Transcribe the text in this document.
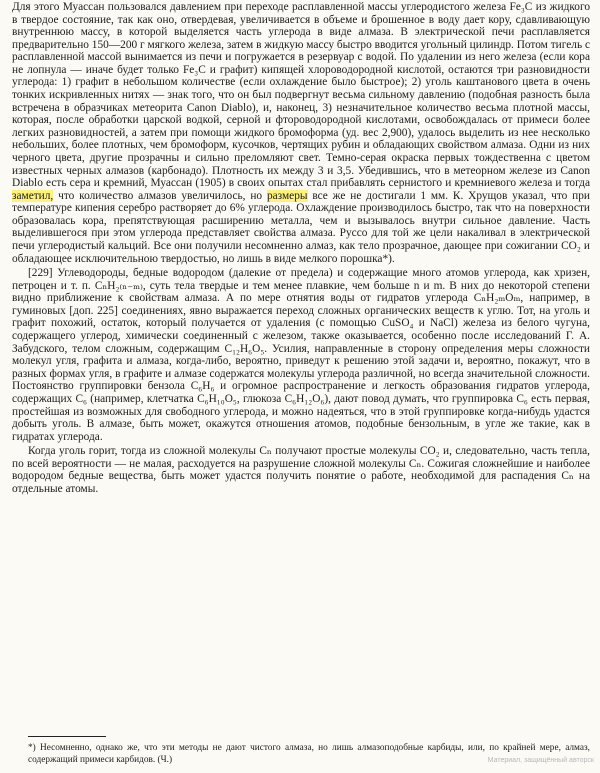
Для этого Муассан пользовался давлением при переходе расплавленной массы углеродистого железа Fe₃C из жидкого в твердое состояние, так как оно, отвердевая, увеличивается в объеме и брошенное в воду дает кору, сдавливающую внутреннюю массу, в которой выделяется часть углерода в виде алмаза. В электрической печи расплавляется предварительно 150—200 г мягкого железа, затем в жидкую массу быстро вводится угольный цилиндр. Потом тигель с расплавленной массой вынимается из печи и погружается в резервуар с водой. По удалении из него железа (если кора не лопнула — иначе будет только Fe₃C и графит) кипящей хлороводородной кислотой, остаются три разновидности углерода: 1) графит в небольшом количестве (если охлаждение было быстрое); 2) уголь каштанового цвета в очень тонких искривленных нитях — знак того, что он был подвергнут весьма сильному давлению (подобная разность была встречена в образчиках метеорита Canon Diablo), и, наконец, 3) незначительное количество весьма плотной массы, которая, после обработки царской водкой, серной и фтороводородной кислотами, освобождалась от примеси более легких разновидностей, а затем при помощи жидкого бромоформа (уд. вес 2,900), удалось выделить из нее несколько небольших, более плотных, чем бромоформ, кусочков, чертящих рубин и обладающих свойством алмаза. Одни из них черного цвета, другие прозрачны и сильно преломляют свет. Темно-серая окраска первых тождественна с цветом известных черных алмазов (карбонадо). Плотность их между 3 и 3,5. Убедившись, что в метеорном железе из Canon Diablo есть сера и кремний, Муассан (1905) в своих опытах стал прибавлять сернистого и кремниевого железа и тогда заметил, что количество алмазов увеличилось, но размеры все же не достигали 1 мм. К. Хрущов указал, что при температуре кипения серебро растворяет до 6% углерода. Охлаждение производилось быстро, так что на поверхности образовалась кора, препятствующая расширению металла, чем и вызывалось внутри сильное давление. Часть выделившегося при этом углерода представляет свойства алмаза. Руссо для той же цели накаливал в электрической печи углеродистый кальций. Все они получили несомненно алмаз, как тело прозрачное, дающее при сожигании CO₂ и обладающее исключительною твердостью, но лишь в виде мелкого порошка*).

[229] Углеводороды, бедные водородом (далекие от предела) и содержащие много атомов углерода, как хризен, петроцен и т. п. CₙH₂₍ₙ₋ₘ₎, суть тела твердые и тем менее плавкие, чем больше n и m. В них до некоторой степени видно приближение к свойствам алмаза. А по мере отнятия воды от гидратов углерода CₙH₂ₘOₘ, например, в гуминовых [доп. 225] соединениях, явно выражается переход сложных органических веществ к углю. Тот, на уголь и графит похожий, остаток, который получается от удаления (с помощью CuSO₄ и NaCl) железа из белого чугуна, содержащего углерод, химически соединенный с железом, также оказывается, особенно после исследований Г. А. Забудского, телом сложным, содержащим C₁₂H₆O₅. Усилия, направленные в сторону определения меры сложности молекул угля, графита и алмаза, когда-либо, вероятно, приведут к решению этой задачи и, вероятно, покажут, что в разных формах угля, в графите и алмазе содержатся молекулы углерода различной, но всегда значительной сложности. Постоянство группировки бензола C₆H₆ и огромное распространение и легкость образования гидратов углерода, содержащих C₆ (например, клетчатка C₆H₁₀O₅, глюкоза C₆H₁₂O₆), дают повод думать, что группировка C₆ есть первая, простейшая из возможных для свободного углерода, и можно надеяться, что в этой группировке когда-нибудь удастся добыть уголь. В алмазе, быть может, окажутся отношения атомов, подобные бензольным, в угле же такие, как в гидратах углерода.

Когда уголь горит, тогда из сложной молекулы Cₙ получают простые молекулы CO₂ и, следовательно, часть тепла, по всей вероятности — не малая, расходуется на разрушение сложной молекулы Cₙ. Сожигая сложнейшие и наиболее водородом бедные вещества, быть может удастся получить понятие о работе, необходимой для распадения Cₙ на отдельные атомы.

*) Несомненно, однако же, что эти методы не дают чистого алмаза, но лишь алмазоподобные карбиды, или, по крайней мере, алмаз, содержащий примеси карбидов. (Ч.)	Материал, защищённый авторск
